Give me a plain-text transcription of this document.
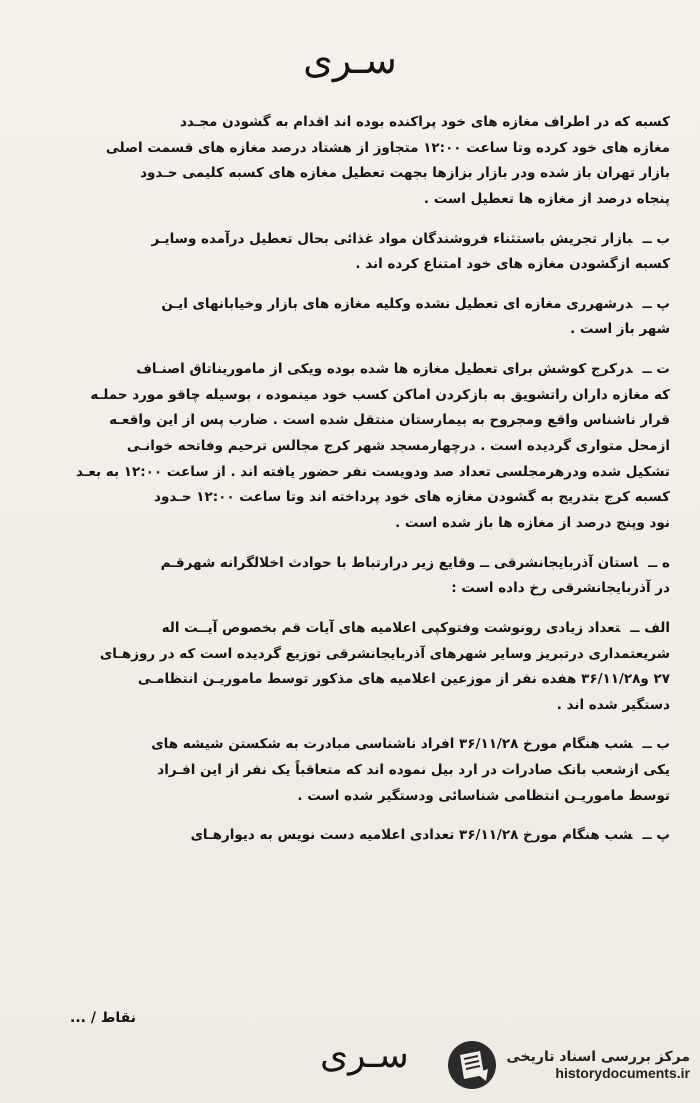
سـری
کسبه که در اطراف مغازه های خود پراکنده بوده اند اقدام به گشودن مجـدد
مغازه های خود کرده وتا ساعت ۱۲:۰۰ متجاوز از هشتاد درصد مغازه های قسمت اصلی
بازار تهران باز شده ودر بازار بزازها بجهت تعطیل مغازه های کسبه کلیمی حـدود
پنجاه درصد از مغازه ها تعطیل است .
ب ــبازار تجریش باستثناء فروشندگان مواد غذائی بحال تعطیل درآمده وسایـر
کسبه ازگشودن مغازه های خود امتناع کرده اند .
پ ــدرشهرری مغازه ای تعطیل نشده وکلیه مغازه های بازار وخیابانهای ایـن
شهر باز است .
ت ــدرکرج کوشش برای تعطیل مغازه ها شده بوده ویکی از ماموریناتاق اصنـاف
که مغازه داران راتشویق به بازکردن اماکن کسب خود مینموده ، بوسیله چاقو مورد حملـه
قرار ناشناس واقع ومجروح به بیمارستان منتقل شده است . ضارب پس از این واقعـه
ازمحل متواری گردیده است . درچهارمسجد شهر کرج مجالس ترحیم وفاتحه خوانـی
تشکیل شده ودرهرمجلسی تعداد صد ودویست نفر حضور یافته اند . از ساعت ۱۲:۰۰ به بعـد
کسبه کرج بتدریج به گشودن مغازه های خود پرداخته اند وتا ساعت ۱۲:۰۰ حـدود
نود وپنج درصد از مغازه ها باز شده است .
ه ــاستان آذربایجانشرقی ــ وقایع زیر درارتباط با حوادث اخلالگرانه شهرقـم
در آذربایجانشرقی رخ داده است :
الف ــتعداد زیادی رونوشت وفتوکپی اعلامیه های آیات قم بخصوص آیــت اله
شریعتمداری درتبریز وسایر شهرهای آذربایجانشرقی توزیع گردیده است که در روزهـای
۲۷ و۳۶/۱۱/۲۸ هفده نفر از موزعین اعلامیه های مذکور توسط ماموریـن انتظامـی
دستگیر شده اند .
ب ــشب هنگام مورخ ۳۶/۱۱/۲۸ افراد ناشناسی مبادرت به شکستن شیشه های
یکی ازشعب بانک صادرات در ارد بیل نموده اند که متعاقباً یک نفر از این افـراد
توسط ماموریـن انتظامی شناسائی ودستگیر شده است .
پ ــشب هنگام مورخ ۳۶/۱۱/۲۸ تعدادی اعلامیه دست نویس به دیوارهـای
نقاط / ...
سـری	مرکز بررسی اسناد تاریخی
historydocuments.ir
